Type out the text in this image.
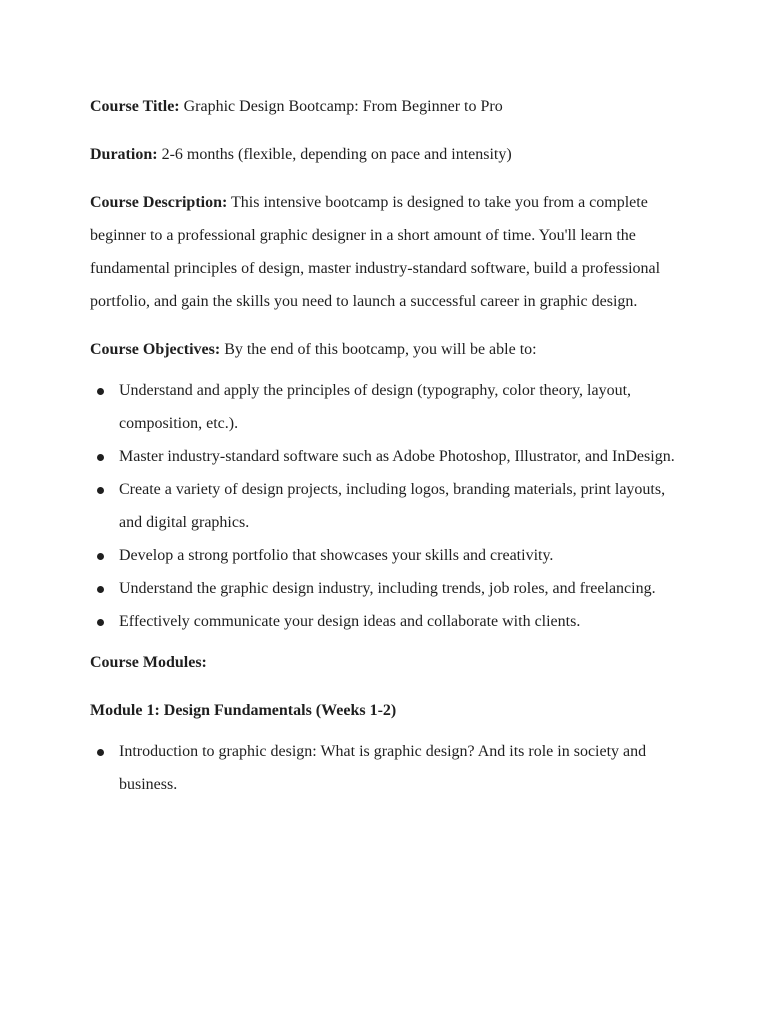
Course Title: Graphic Design Bootcamp: From Beginner to Pro

Duration: 2-6 months (flexible, depending on pace and intensity)

Course Description: This intensive bootcamp is designed to take you from a complete beginner to a professional graphic designer in a short amount of time. You'll learn the fundamental principles of design, master industry-standard software, build a professional portfolio, and gain the skills you need to launch a successful career in graphic design.

Course Objectives: By the end of this bootcamp, you will be able to:

Understand and apply the principles of design (typography, color theory, layout, composition, etc.).
Master industry-standard software such as Adobe Photoshop, Illustrator, and InDesign.
Create a variety of design projects, including logos, branding materials, print layouts, and digital graphics.
Develop a strong portfolio that showcases your skills and creativity.
Understand the graphic design industry, including trends, job roles, and freelancing.
Effectively communicate your design ideas and collaborate with clients.

Course Modules:

Module 1: Design Fundamentals (Weeks 1-2)

Introduction to graphic design: What is graphic design? And its role in society and business.
